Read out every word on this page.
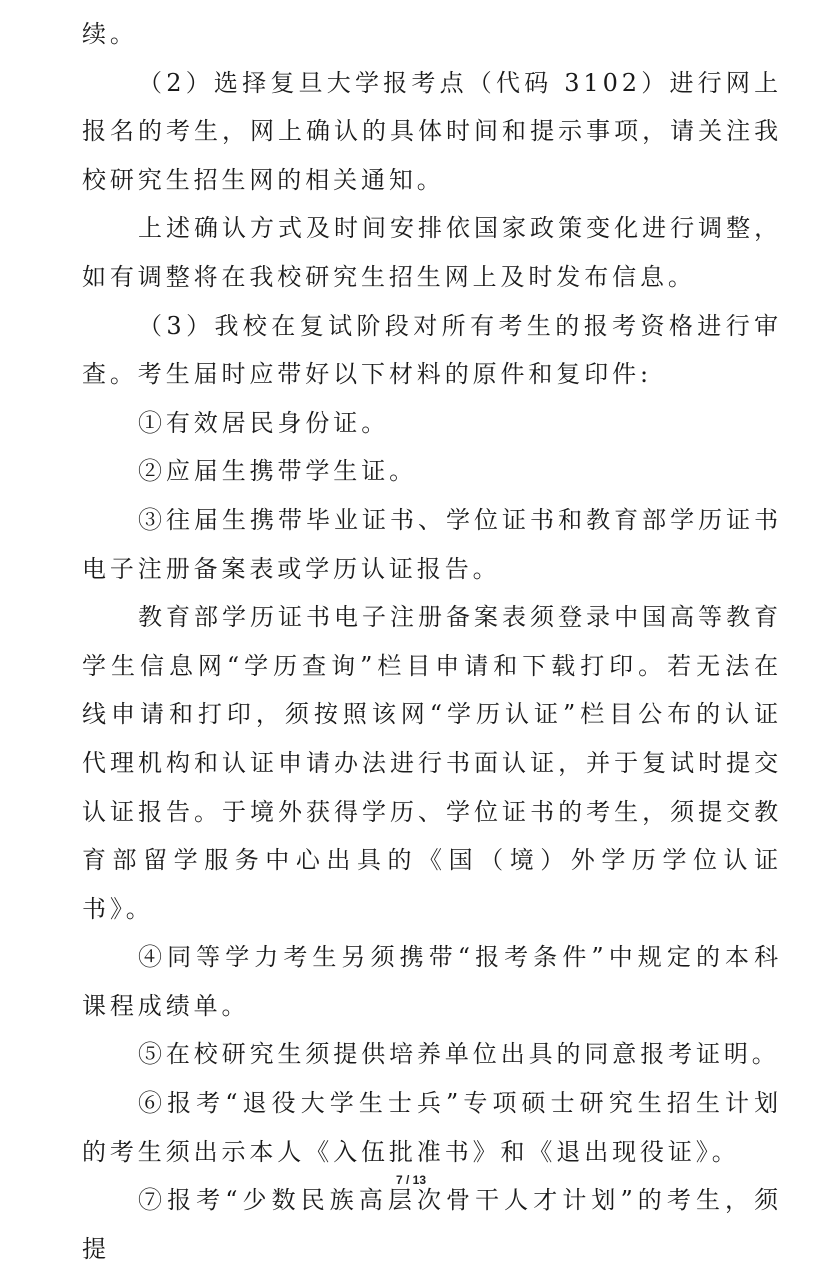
续。

（2）选择复旦大学报考点（代码 3102）进行网上报名的考生，网上确认的具体时间和提示事项，请关注我校研究生招生网的相关通知。

上述确认方式及时间安排依国家政策变化进行调整，如有调整将在我校研究生招生网上及时发布信息。

（3）我校在复试阶段对所有考生的报考资格进行审查。考生届时应带好以下材料的原件和复印件:

①有效居民身份证。

②应届生携带学生证。

③往届生携带毕业证书、学位证书和教育部学历证书电子注册备案表或学历认证报告。

教育部学历证书电子注册备案表须登录中国高等教育学生信息网“学历查询”栏目申请和下载打印。若无法在线申请和打印，须按照该网“学历认证”栏目公布的认证代理机构和认证申请办法进行书面认证，并于复试时提交认证报告。于境外获得学历、学位证书的考生，须提交教育部留学服务中心出具的《国（境）外学历学位认证书》。

④同等学力考生另须携带“报考条件”中规定的本科课程成绩单。

⑤在校研究生须提供培养单位出具的同意报考证明。

⑥报考“退役大学生士兵”专项硕士研究生招生计划的考生须出示本人《入伍批准书》和《退出现役证》。

⑦报考“少数民族高层次骨干人才计划”的考生，须提

7 / 13
